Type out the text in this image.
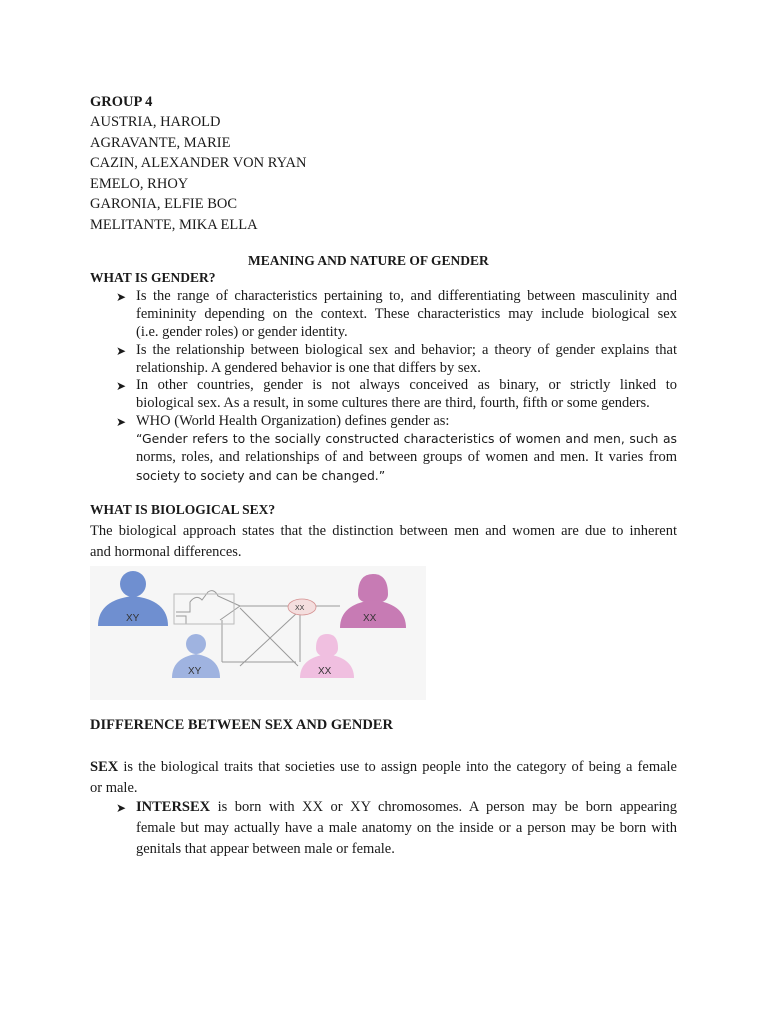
GROUP 4
AUSTRIA, HAROLD
AGRAVANTE, MARIE
CAZIN, ALEXANDER VON RYAN
EMELO, RHOY
GARONIA, ELFIE BOC
MELITANTE, MIKA ELLA
MEANING AND NATURE OF GENDER
WHAT IS GENDER?
➤ Is the range of characteristics pertaining to, and differentiating between masculinity and
femininity depending on the context. These characteristics may include biological sex
(i.e. gender roles) or gender identity.
➤ Is the relationship between biological sex and behavior; a theory of gender explains that
relationship. A gendered behavior is one that differs by sex.
➤ In other countries, gender is not always conceived as binary, or strictly linked to
biological sex. As a result, in some cultures there are third, fourth, fifth or some genders.
➤ WHO (World Health Organization) defines gender as:
“Gender refers to the socially constructed characteristics of women and men, such as
norms, roles, and relationships of and between groups of women and men. It varies from
society to society and can be changed.”
WHAT IS BIOLOGICAL SEX?
The biological approach states that the distinction between men and women are due to inherent
and hormonal differences.
XY	XX
XY	XX
XX
DIFFERENCE BETWEEN SEX AND GENDER
SEX is the biological traits that societies use to assign people into the category of being a female
or male.
➤ INTERSEX is born with XX or XY chromosomes. A person may be born appearing
female but may actually have a male anatomy on the inside or a person may be born with
genitals that appear between male or female.
